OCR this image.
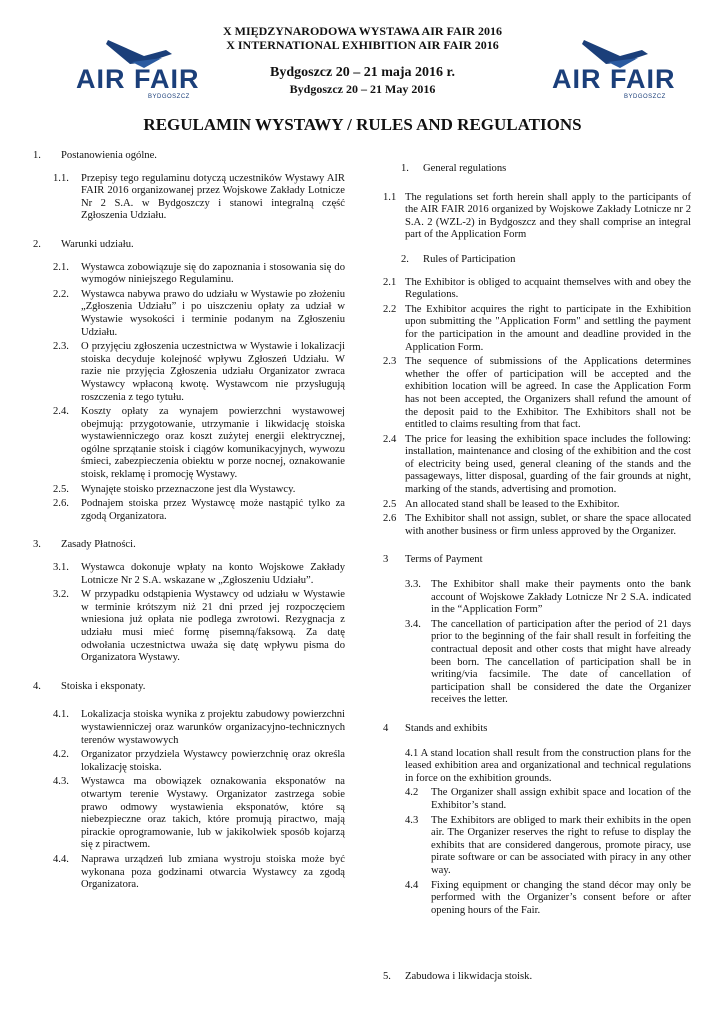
AIR FAIR
BYDGOSZCZ
AIR FAIR
BYDGOSZCZ
X MIĘDZYNARODOWA WYSTAWA AIR FAIR 2016
X INTERNATIONAL EXHIBITION AIR FAIR 2016
Bydgoszcz 20 – 21 maja 2016 r.
Bydgoszcz 20 – 21 May 2016
REGULAMIN WYSTAWY / RULES AND REGULATIONS
1. Postanowienia ogólne.
1.1. Przepisy tego regulaminu dotyczą uczestników Wystawy AIR FAIR 2016 organizowanej przez Wojskowe Zakłady Lotnicze Nr 2 S.A. w Bydgoszczy i stanowi integralną część Zgłoszenia Udziału.
2. Warunki udziału.
2.1. Wystawca zobowiązuje się do zapoznania i stosowania się do wymogów niniejszego Regulaminu.
2.2. Wystawca nabywa prawo do udziału w Wystawie po złożeniu „Zgłoszenia Udziału” i po uiszczeniu opłaty za udział w Wystawie wysokości i terminie podanym na Zgłoszeniu Udziału.
2.3. O przyjęciu zgłoszenia uczestnictwa w Wystawie i lokalizacji stoiska decyduje kolejność wpływu Zgłoszeń Udziału. W razie nie przyjęcia Zgłoszenia udziału Organizator zwraca Wystawcy wpłaconą kwotę. Wystawcom nie przysługują roszczenia z tego tytułu.
2.4. Koszty opłaty za wynajem powierzchni wystawowej obejmują: przygotowanie, utrzymanie i likwidację stoiska wystawienniczego oraz koszt zużytej energii elektrycznej, ogólne sprzątanie stoisk i ciągów komunikacyjnych, wywozu śmieci, zabezpieczenia obiektu w porze nocnej, oznakowanie stoisk, reklamę i promocję Wystawy.
2.5. Wynajęte stoisko przeznaczone jest dla Wystawcy.
2.6. Podnajem stoiska przez Wystawcę może nastąpić tylko za zgodą Organizatora.
3. Zasady Płatności.
3.1. Wystawca dokonuje wpłaty na konto Wojskowe Zakłady Lotnicze Nr 2 S.A. wskazane w „Zgłoszeniu Udziału”.
3.2. W przypadku odstąpienia Wystawcy od udziału w Wystawie w terminie krótszym niż 21 dni przed jej rozpoczęciem wniesiona już opłata nie podlega zwrotowi. Rezygnacja z udziału musi mieć formę pisemną/faksową. Za datę odwołania uczestnictwa uważa się datę wpływu pisma do Organizatora Wystawy.
4. Stoiska i eksponaty.
4.1. Lokalizacja stoiska wynika z projektu zabudowy powierzchni wystawienniczej oraz warunków organizacyjno-technicznych terenów wystawowych
4.2. Organizator przydziela Wystawcy powierzchnię oraz określa lokalizację stoiska.
4.3. Wystawca ma obowiązek oznakowania eksponatów na otwartym terenie Wystawy. Organizator zastrzega sobie prawo odmowy wystawienia eksponatów, które są niebezpieczne oraz takich, które promują piractwo, mają pirackie oprogramowanie, lub w jakikolwiek sposób kojarzą się z piractwem.
4.4. Naprawa urządzeń lub zmiana wystroju stoiska może być wykonana poza godzinami otwarcia Wystawcy za zgodą Organizatora.
1. General regulations
1.1 The regulations set forth herein shall apply to the participants of the AIR FAIR 2016 organized by Wojskowe Zakłady Lotnicze nr 2 S.A. 2 (WZL-2) in Bydgoszcz and they shall comprise an integral part of the Application Form
2. Rules of Participation
2.1 The Exhibitor is obliged to acquaint themselves with and obey the Regulations.
2.2 The Exhibitor acquires the right to participate in the Exhibition upon submitting the "Application Form" and settling the payment for the participation in the amount and deadline provided in the Application Form.
2.3 The sequence of submissions of the Applications determines whether the offer of participation will be accepted and the exhibition location will be agreed. In case the Application Form has not been accepted, the Organizers shall refund the amount of the deposit paid to the Exhibitor. The Exhibitors shall not be entitled to claims resulting from that fact.
2.4 The price for leasing the exhibition space includes the following: installation, maintenance and closing of the exhibition and the cost of electricity being used, general cleaning of the stands and the passageways, litter disposal, guarding of the fair grounds at night, marking of the stands, advertising and promotion.
2.5 An allocated stand shall be leased to the Exhibitor.
2.6 The Exhibitor shall not assign, sublet, or share the space allocated with another business or firm unless approved by the Organizer.
3 Terms of Payment
3.3. The Exhibitor shall make their payments onto the bank account of Wojskowe Zakłady Lotnicze Nr 2 S.A. indicated in the “Application Form”
3.4. The cancellation of participation after the period of 21 days prior to the beginning of the fair shall result in forfeiting the contractual deposit and other costs that might have already been born. The cancellation of participation shall be in writing/via facsimile. The date of cancellation of participation shall be considered the date the Organizer receives the letter.
4 Stands and exhibits
4.1 A stand location shall result from the construction plans for the leased exhibition area and organizational and technical regulations in force on the exhibition grounds.
4.2 The Organizer shall assign exhibit space and location of the Exhibitor’s stand.
4.3 The Exhibitors are obliged to mark their exhibits in the open air. The Organizer reserves the right to refuse to display the exhibits that are considered dangerous, promote piracy, use pirate software or can be associated with piracy in any other way.
4.4 Fixing equipment or changing the stand décor may only be performed with the Organizer’s consent before or after opening hours of the Fair.
5. Zabudowa i likwidacja stoisk.
